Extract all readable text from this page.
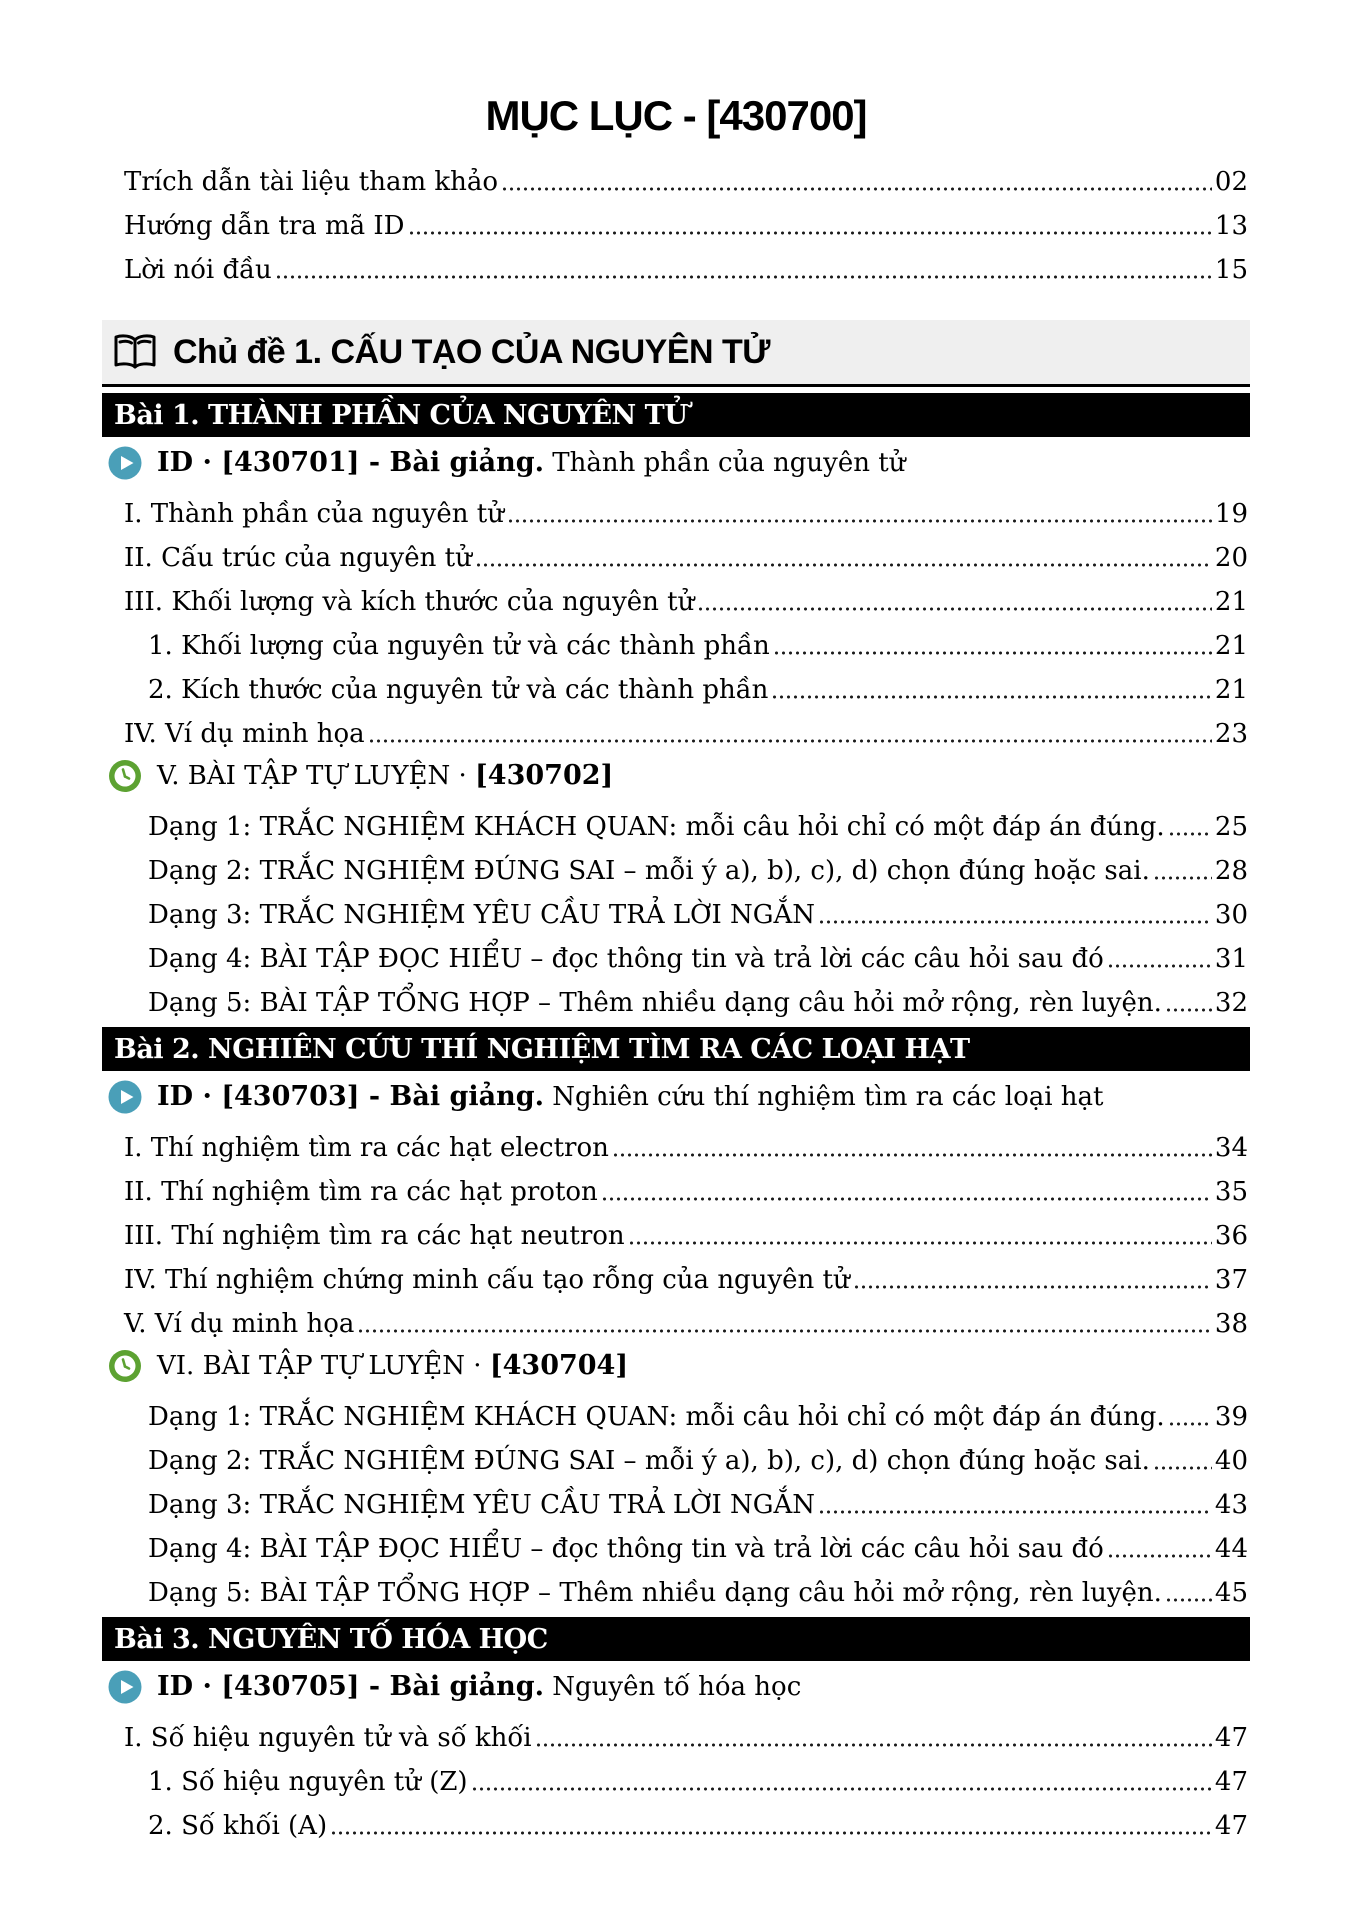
MỤC LỤC - [430700]
Trích dẫn tài liệu tham khảo	02
Hướng dẫn tra mã ID	13
Lời nói đầu	15
Chủ đề 1. CẤU TẠO CỦA NGUYÊN TỬ
Bài 1. THÀNH PHẦN CỦA NGUYÊN TỬ
ID · [430701] - Bài giảng. Thành phần của nguyên tử
I. Thành phần của nguyên tử	19
II. Cấu trúc của nguyên tử	20
III. Khối lượng và kích thước của nguyên tử	21
1. Khối lượng của nguyên tử và các thành phần	21
2. Kích thước của nguyên tử và các thành phần	21
IV. Ví dụ minh họa	23
V. BÀI TẬP TỰ LUYỆN · [430702]
Dạng 1: TRẮC NGHIỆM KHÁCH QUAN: mỗi câu hỏi chỉ có một đáp án đúng. 25
Dạng 2: TRẮC NGHIỆM ĐÚNG SAI – mỗi ý a), b), c), d) chọn đúng hoặc sai.	28
Dạng 3: TRẮC NGHIỆM YÊU CẦU TRẢ LỜI NGẮN	30
Dạng 4: BÀI TẬP ĐỌC HIỂU – đọc thông tin và trả lời các câu hỏi sau đó	31
Dạng 5: BÀI TẬP TỔNG HỢP – Thêm nhiều dạng câu hỏi mở rộng, rèn luyện. 32
Bài 2. NGHIÊN CỨU THÍ NGHIỆM TÌM RA CÁC LOẠI HẠT
ID · [430703] - Bài giảng. Nghiên cứu thí nghiệm tìm ra các loại hạt
I. Thí nghiệm tìm ra các hạt electron	34
II. Thí nghiệm tìm ra các hạt proton	35
III. Thí nghiệm tìm ra các hạt neutron	36
IV. Thí nghiệm chứng minh cấu tạo rỗng của nguyên tử	37
V. Ví dụ minh họa	38
VI. BÀI TẬP TỰ LUYỆN · [430704]
Dạng 1: TRẮC NGHIỆM KHÁCH QUAN: mỗi câu hỏi chỉ có một đáp án đúng. 39
Dạng 2: TRẮC NGHIỆM ĐÚNG SAI – mỗi ý a), b), c), d) chọn đúng hoặc sai.	40
Dạng 3: TRẮC NGHIỆM YÊU CẦU TRẢ LỜI NGẮN	43
Dạng 4: BÀI TẬP ĐỌC HIỂU – đọc thông tin và trả lời các câu hỏi sau đó	44
Dạng 5: BÀI TẬP TỔNG HỢP – Thêm nhiều dạng câu hỏi mở rộng, rèn luyện. 45
Bài 3. NGUYÊN TỐ HÓA HỌC
ID · [430705] - Bài giảng. Nguyên tố hóa học
I. Số hiệu nguyên tử và số khối	47
1. Số hiệu nguyên tử (Z)	47
2. Số khối (A)	47
